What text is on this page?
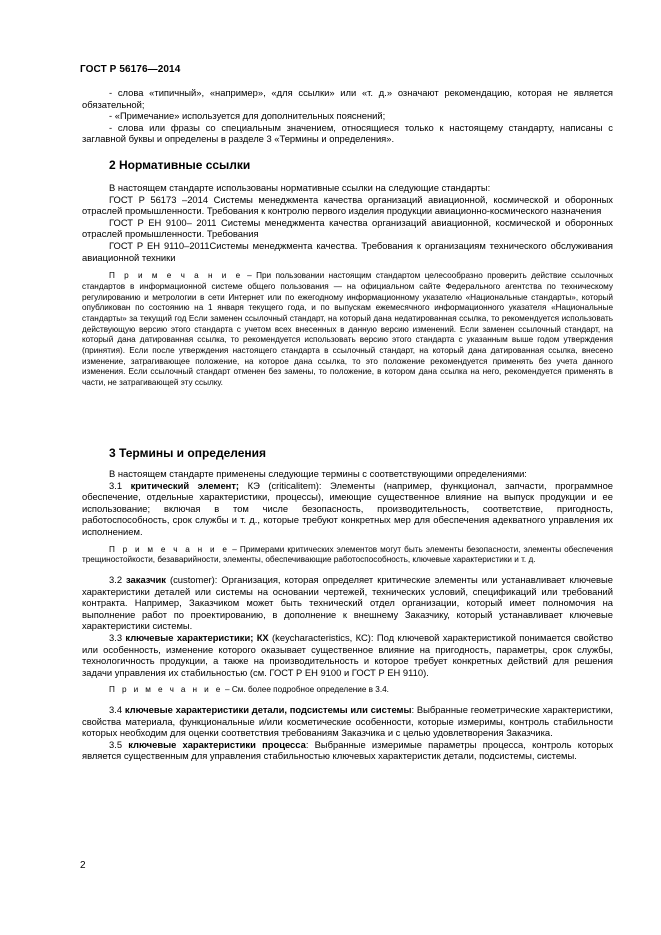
ГОСТ Р 56176—2014

- слова «типичный», «например», «для ссылки» или «т. д.» означают рекомендацию, которая не является обязательной;

- «Примечание» используется для дополнительных пояснений;

- слова или фразы со специальным значением, относящиеся только к настоящему стандарту, написаны с заглавной буквы и определены в разделе 3 «Термины и определения».

2 Нормативные ссылки

В настоящем стандарте использованы нормативные ссылки на следующие стандарты:

ГОСТ Р 56173 –2014 Системы менеджмента качества организаций авиационной, космической и оборонных отраслей промышленности. Требования к контролю первого изделия продукции авиационно-космического назначения

ГОСТ Р ЕН 9100– 2011 Системы менеджмента качества организаций авиационной, космической и оборонных отраслей промышленности. Требования

ГОСТ Р ЕН 9110–2011Системы менеджмента качества. Требования к организациям технического обслуживания авиационной техники

П р и м е ч а н и е – При пользовании настоящим стандартом целесообразно проверить действие ссылочных стандартов в информационной системе общего пользования — на официальном сайте Федерального агентства по техническому регулированию и метрологии в сети Интернет или по ежегодному информационному указателю «Национальные стандарты», который опубликован по состоянию на 1 января текущего года, и по выпускам ежемесячного информационного указателя «Национальные стандарты» за текущий год Если заменен ссылочный стандарт, на который дана недатированная ссылка, то рекомендуется использовать действующую версию этого стандарта с учетом всех внесенных в данную версию изменений. Если заменен ссылочный стандарт, на который дана датированная ссылка, то рекомендуется использовать версию этого стандарта с указанным выше годом утверждения (принятия). Если после утверждения настоящего стандарта в ссылочный стандарт, на который дана датированная ссылка, внесено изменение, затрагивающее положение, на которое дана ссылка, то это положение рекомендуется применять без учета данного изменения. Если ссылочный стандарт отменен без замены, то положение, в котором дана ссылка на него, рекомендуется применять в части, не затрагивающей эту ссылку.

3 Термины и определения

В настоящем стандарте применены следующие термины с соответствующими определениями:

3.1 критический элемент; КЭ (criticalitem): Элементы (например, функционал, запчасти, программное обеспечение, отдельные характеристики, процессы), имеющие существенное влияние на выпуск продукции и ее использование; включая в том числе безопасность, производительность, соответствие, пригодность, работоспособность, срок службы и т. д., которые требуют конкретных мер для обеспечения адекватного управления их исполнением.

П р и м е ч а н и е – Примерами критических элементов могут быть элементы безопасности, элементы обеспечения трещиностойкости, безаварийности, элементы, обеспечивающие работоспособность, ключевые характеристики и т. д.

3.2 заказчик (customer): Организация, которая определяет критические элементы или устанавливает ключевые характеристики деталей или системы на основании чертежей, технических условий, спецификаций или требований контракта. Например, Заказчиком может быть технический отдел организации, который имеет полномочия на выполнение работ по проектированию, в дополнение к внешнему Заказчику, который устанавливает ключевые характеристики системы.

3.3 ключевые характеристики; КХ (keycharacteristics, КС): Под ключевой характеристикой понимается свойство или особенность, изменение которого оказывает существенное влияние на пригодность, параметры, срок службы, технологичность продукции, а также на производительность и которое требует конкретных действий для решения задачи управления их стабильностью (см. ГОСТ Р ЕН 9100 и ГОСТ Р ЕН 9110).

П р и м е ч а н и е – См. более подробное определение в 3.4.

3.4 ключевые характеристики детали, подсистемы или системы: Выбранные геометрические характеристики, свойства материала, функциональные и/или косметические особенности, которые измеримы, контроль стабильности которых необходим для оценки соответствия требованиям Заказчика и с целью удовлетворения Заказчика.

3.5 ключевые характеристики процесса: Выбранные измеримые параметры процесса, контроль которых является существенным для управления стабильностью ключевых характеристик детали, подсистемы, системы.

2
